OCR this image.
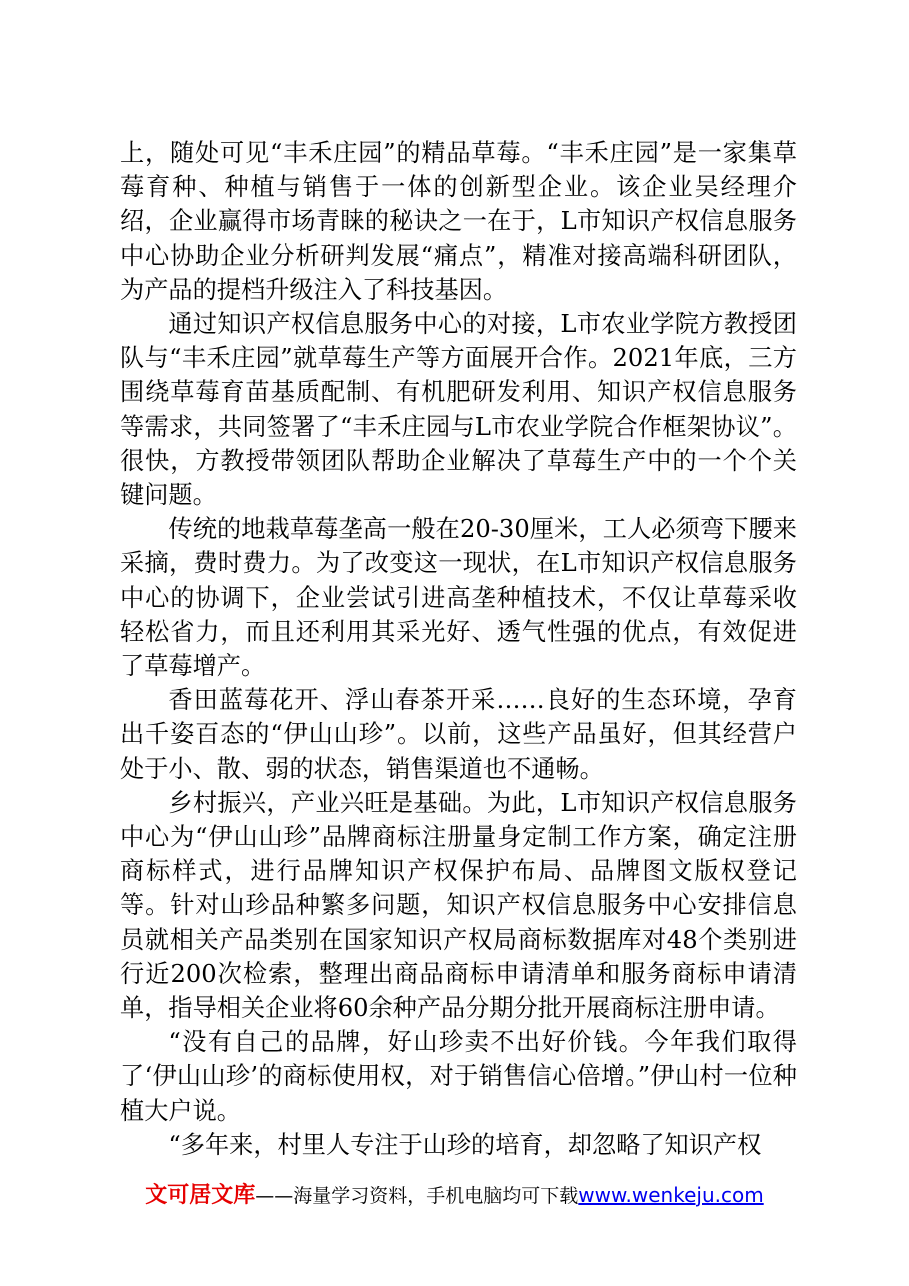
上，随处可见“丰禾庄园”的精品草莓。“丰禾庄园”是一家集草莓育种、种植与销售于一体的创新型企业。该企业吴经理介绍，企业赢得市场青睐的秘诀之一在于，L市知识产权信息服务中心协助企业分析研判发展“痛点”，精准对接高端科研团队，为产品的提档升级注入了科技基因。

通过知识产权信息服务中心的对接，L市农业学院方教授团队与“丰禾庄园”就草莓生产等方面展开合作。2021年底，三方围绕草莓育苗基质配制、有机肥研发利用、知识产权信息服务等需求，共同签署了“丰禾庄园与L市农业学院合作框架协议”。很快，方教授带领团队帮助企业解决了草莓生产中的一个个关键问题。

传统的地栽草莓垄高一般在20-30厘米，工人必须弯下腰来采摘，费时费力。为了改变这一现状，在L市知识产权信息服务中心的协调下，企业尝试引进高垄种植技术，不仅让草莓采收轻松省力，而且还利用其采光好、透气性强的优点，有效促进了草莓增产。

香田蓝莓花开、浮山春茶开采……良好的生态环境，孕育出千姿百态的“伊山山珍”。以前，这些产品虽好，但其经营户处于小、散、弱的状态，销售渠道也不通畅。

乡村振兴，产业兴旺是基础。为此，L市知识产权信息服务中心为“伊山山珍”品牌商标注册量身定制工作方案，确定注册商标样式，进行品牌知识产权保护布局、品牌图文版权登记等。针对山珍品种繁多问题，知识产权信息服务中心安排信息员就相关产品类别在国家知识产权局商标数据库对48个类别进行近200次检索，整理出商品商标申请清单和服务商标申请清单，指导相关企业将60余种产品分期分批开展商标注册申请。

“没有自己的品牌，好山珍卖不出好价钱。今年我们取得了‘伊山山珍’的商标使用权，对于销售信心倍增。”伊山村一位种植大户说。

“多年来，村里人专注于山珍的培育，却忽略了知识产权

文可居文库——海量学习资料，手机电脑均可下载www.wenkeju.com
